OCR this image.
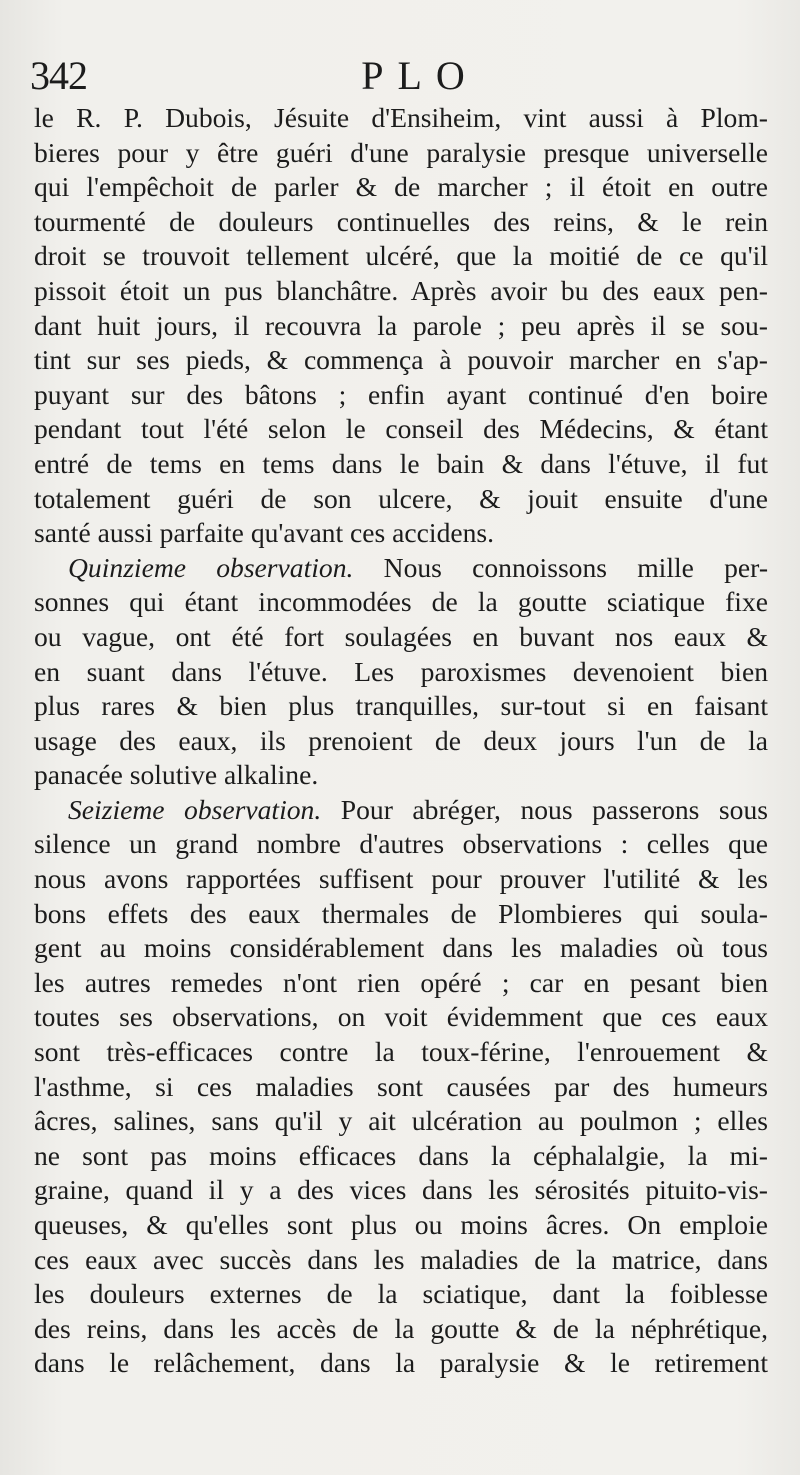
PLO
342
le R. P. Dubois, Jésuite d'Ensiheim, vint aussi à Plom-
bieres pour y être guéri d'une paralysie presque universelle
qui l'empêchoit de parler & de marcher ; il étoit en outre
tourmenté de douleurs continuelles des reins, & le rein
droit se trouvoit tellement ulcéré, que la moitié de ce qu'il
pissoit étoit un pus blanchâtre. Après avoir bu des eaux pen-
dant huit jours, il recouvra la parole ; peu après il se sou-
tint sur ses pieds, & commença à pouvoir marcher en s'ap-
puyant sur des bâtons ; enfin ayant continué d'en boire
pendant tout l'été selon le conseil des Médecins, & étant
entré de tems en tems dans le bain & dans l'étuve, il fut
totalement guéri de son ulcere, & jouit ensuite d'une
santé aussi parfaite qu'avant ces accidens.
Quinzieme observation. Nous connoissons mille per-
sonnes qui étant incommodées de la goutte sciatique fixe
ou vague, ont été fort soulagées en buvant nos eaux &
en suant dans l'étuve. Les paroxismes devenoient bien
plus rares & bien plus tranquilles, sur-tout si en faisant
usage des eaux, ils prenoient de deux jours l'un de la
panacée solutive alkaline.
Seizieme observation. Pour abréger, nous passerons sous
silence un grand nombre d'autres observations : celles que
nous avons rapportées suffisent pour prouver l'utilité & les
bons effets des eaux thermales de Plombieres qui soula-
gent au moins considérablement dans les maladies où tous
les autres remedes n'ont rien opéré ; car en pesant bien
toutes ses observations, on voit évidemment que ces eaux
sont très-efficaces contre la toux-férine, l'enrouement &
l'asthme, si ces maladies sont causées par des humeurs
âcres, salines, sans qu'il y ait ulcération au poulmon ; elles
ne sont pas moins efficaces dans la céphalalgie, la mi-
graine, quand il y a des vices dans les sérosités pituito-vis-
queuses, & qu'elles sont plus ou moins âcres. On emploie
ces eaux avec succès dans les maladies de la matrice, dans
les douleurs externes de la sciatique, dant la foiblesse
des reins, dans les accès de la goutte & de la néphrétique,
dans le relâchement, dans la paralysie & le retirement
